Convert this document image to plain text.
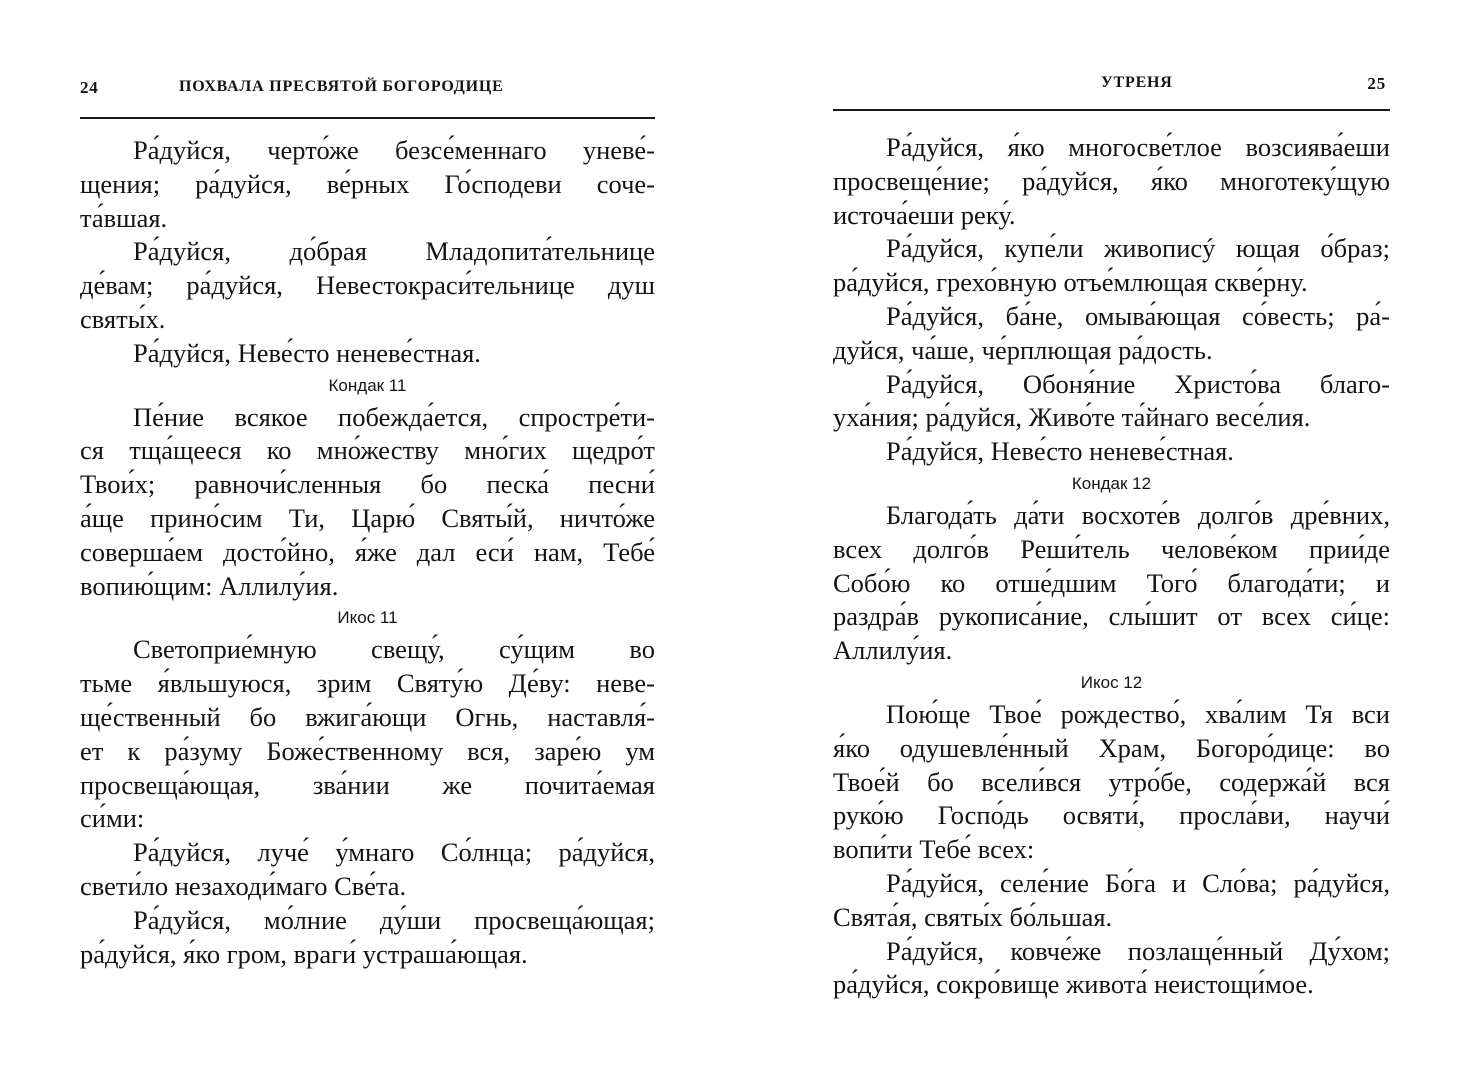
24	ПОХВАЛА ПРЕСВЯТОЙ БОГОРОДИЦЕ
Ра́дуйся, черто́же безсе́меннаго уневе́-
щения; ра́дуйся, ве́рных Го́сподеви соче-
та́вшая.
Ра́дуйся, до́брая Младопита́тельнице
де́вам; ра́дуйся, Невестокраси́тельнице душ
святы́х.
Ра́дуйся, Неве́сто неневе́стная.
Кондак 11
Пе́ние всякое побежда́ется, спростре́ти-
ся тща́щееся ко мно́жеству мно́гих щедро́т
Твои́х; равночи́сленныя бо песка́ песни́
а́ще прино́сим Ти, Царю́ Святы́й, ничто́же
соверша́ем досто́йно, я́же дал еси́ нам, Тебе́
вопию́щим: Аллилу́ия.
Икос 11
Светоприе́мную свещу́, су́щим во
тьме я́вльшуюся, зрим Святу́ю Де́ву: неве-
ще́ственный бо вжига́ющи Огнь, наставля́-
ет к ра́зуму Боже́ственному вся, заре́ю ум
просвеща́ющая, зва́нии же почита́емая
си́ми:
Ра́дуйся, луче́ у́мнаго Со́лнца; ра́дуйся,
свети́ло незаходи́маго Све́та.
Ра́дуйся, мо́лние ду́ши просвеща́ющая;
ра́дуйся, я́ко гром, враги́ устраша́ющая.
УТРЕНЯ	25
Ра́дуйся, я́ко многосве́тлое возсиява́еши
просвеще́ние; ра́дуйся, я́ко многотеку́щую
источа́еши реку́.
Ра́дуйся, купе́ли живописý ющая о́браз;
ра́дуйся, грехо́вную отъе́млющая скве́рну.
Ра́дуйся, ба́не, омыва́ющая со́весть; ра́-
дуйся, ча́ше, че́рплющая ра́дость.
Ра́дуйся, Обоня́ние Христо́ва благо-
уха́ния; ра́дуйся, Живо́те та́йнаго весе́лия.
Ра́дуйся, Неве́сто неневе́стная.
Кондак 12
Благода́ть да́ти восхоте́в долго́в дре́вних,
всех долго́в Реши́тель челове́ком прии́де
Собо́ю ко отше́дшим Того́ благода́ти; и
раздра́в рукописа́ние, слы́шит от всех си́це:
Аллилу́ия.
Икос 12
Пою́ще Твое́ рождество́, хва́лим Тя вси
я́ко одушевле́нный Храм, Богоро́дице: во
Твое́й бо всели́вся утро́бе, содержа́й вся
руко́ю Госпо́дь освяти́, просла́ви, научи́
вопи́ти Тебе́ всех:
Ра́дуйся, селе́ние Бо́га и Сло́ва; ра́дуйся,
Свята́я, святы́х бо́льшая.
Ра́дуйся, ковче́же позлаще́нный Ду́хом;
ра́дуйся, сокро́вище живота́ неистощи́мое.
